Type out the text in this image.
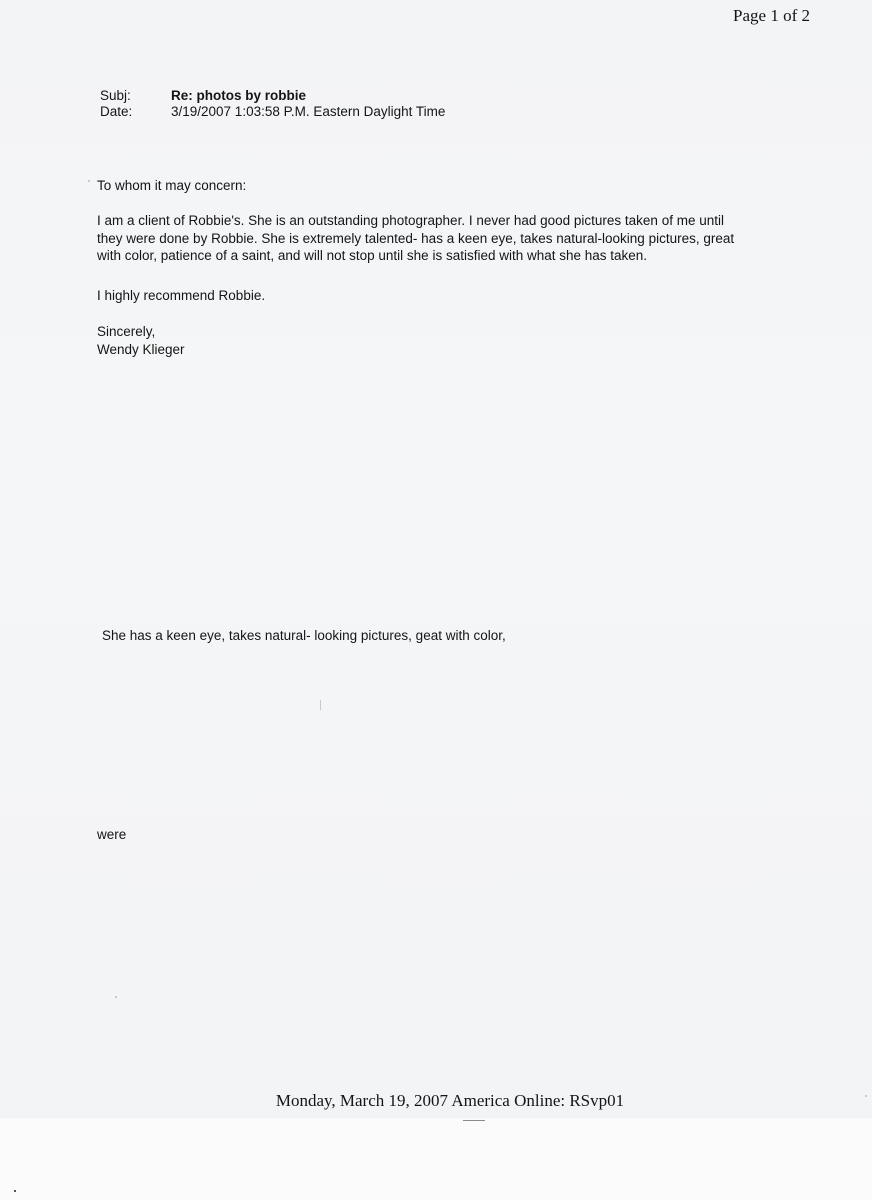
Page 1 of 2
Subj:	Re: photos by robbie
Date:	3/19/2007 1:03:58 P.M. Eastern Daylight Time
To whom it may concern:
I am a client of Robbie's. She is an outstanding photographer. I never had good pictures taken of me until
they were done by Robbie. She is extremely talented- has a keen eye, takes natural-looking pictures, great
with color, patience of a saint, and will not stop until she is satisfied with what she has taken.
I highly recommend Robbie.
Sincerely,
Wendy Klieger
She has a keen eye, takes natural- looking pictures, geat with color,
were
Monday, March 19, 2007 America Online: RSvp01
